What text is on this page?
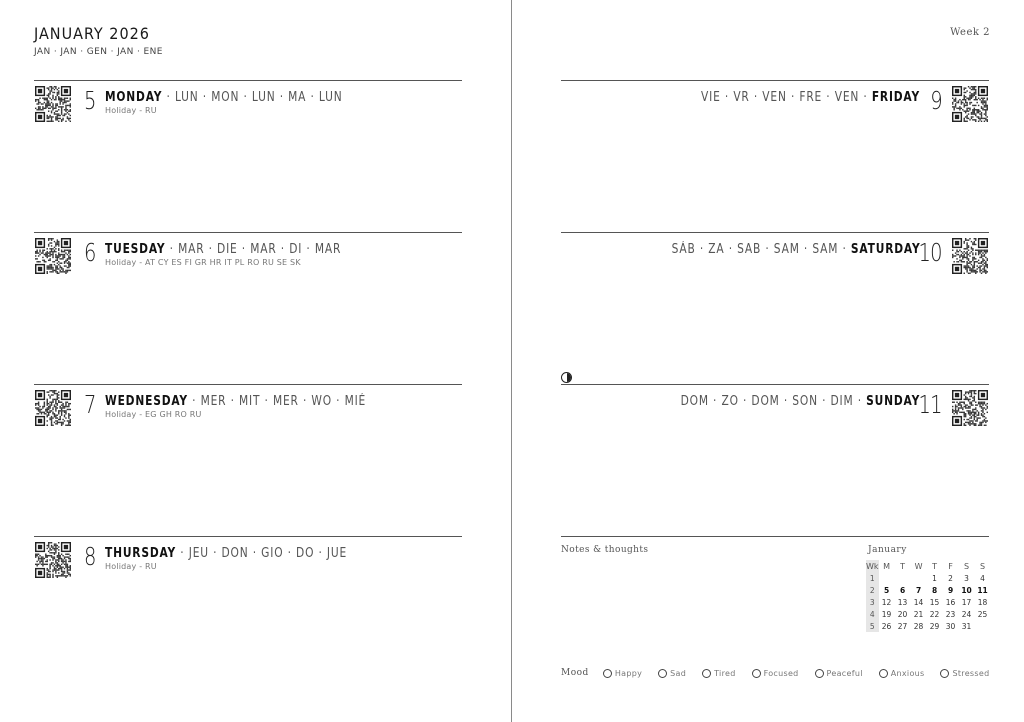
JANUARY 2026
JAN · JAN · GEN · JAN · ENE
Week 2
5 MONDAY · LUN · MON · LUN · MA · LUN
Holiday - RU
6 TUESDAY · MAR · DIE · MAR · DI · MAR
Holiday - AT CY ES FI GR HR IT PL RO RU SE SK
7 WEDNESDAY · MER · MIT · MER · WO · MIÉ
Holiday - EG GH RO RU
8 THURSDAY · JEU · DON · GIO · DO · JUE
Holiday - RU
9
VIE · VR · VEN · FRE · VEN · FRIDAY
10
SÁB · ZA · SAB · SAM · SAM · SATURDAY
11
DOM · ZO · DOM · SON · DIM · SUNDAY
Notes & thoughts	January
Wk	M	T	W	T	F	S	S
1				1	2	3	4
2	5	6	7	8	9	10	11
3	12	13	14	15	16	17	18
4	19	20	21	22	23	24	25
5	26	27	28	29	30	31	
Mood	Happy	Sad	Tired	Focused	Peaceful	Anxious	Stressed
